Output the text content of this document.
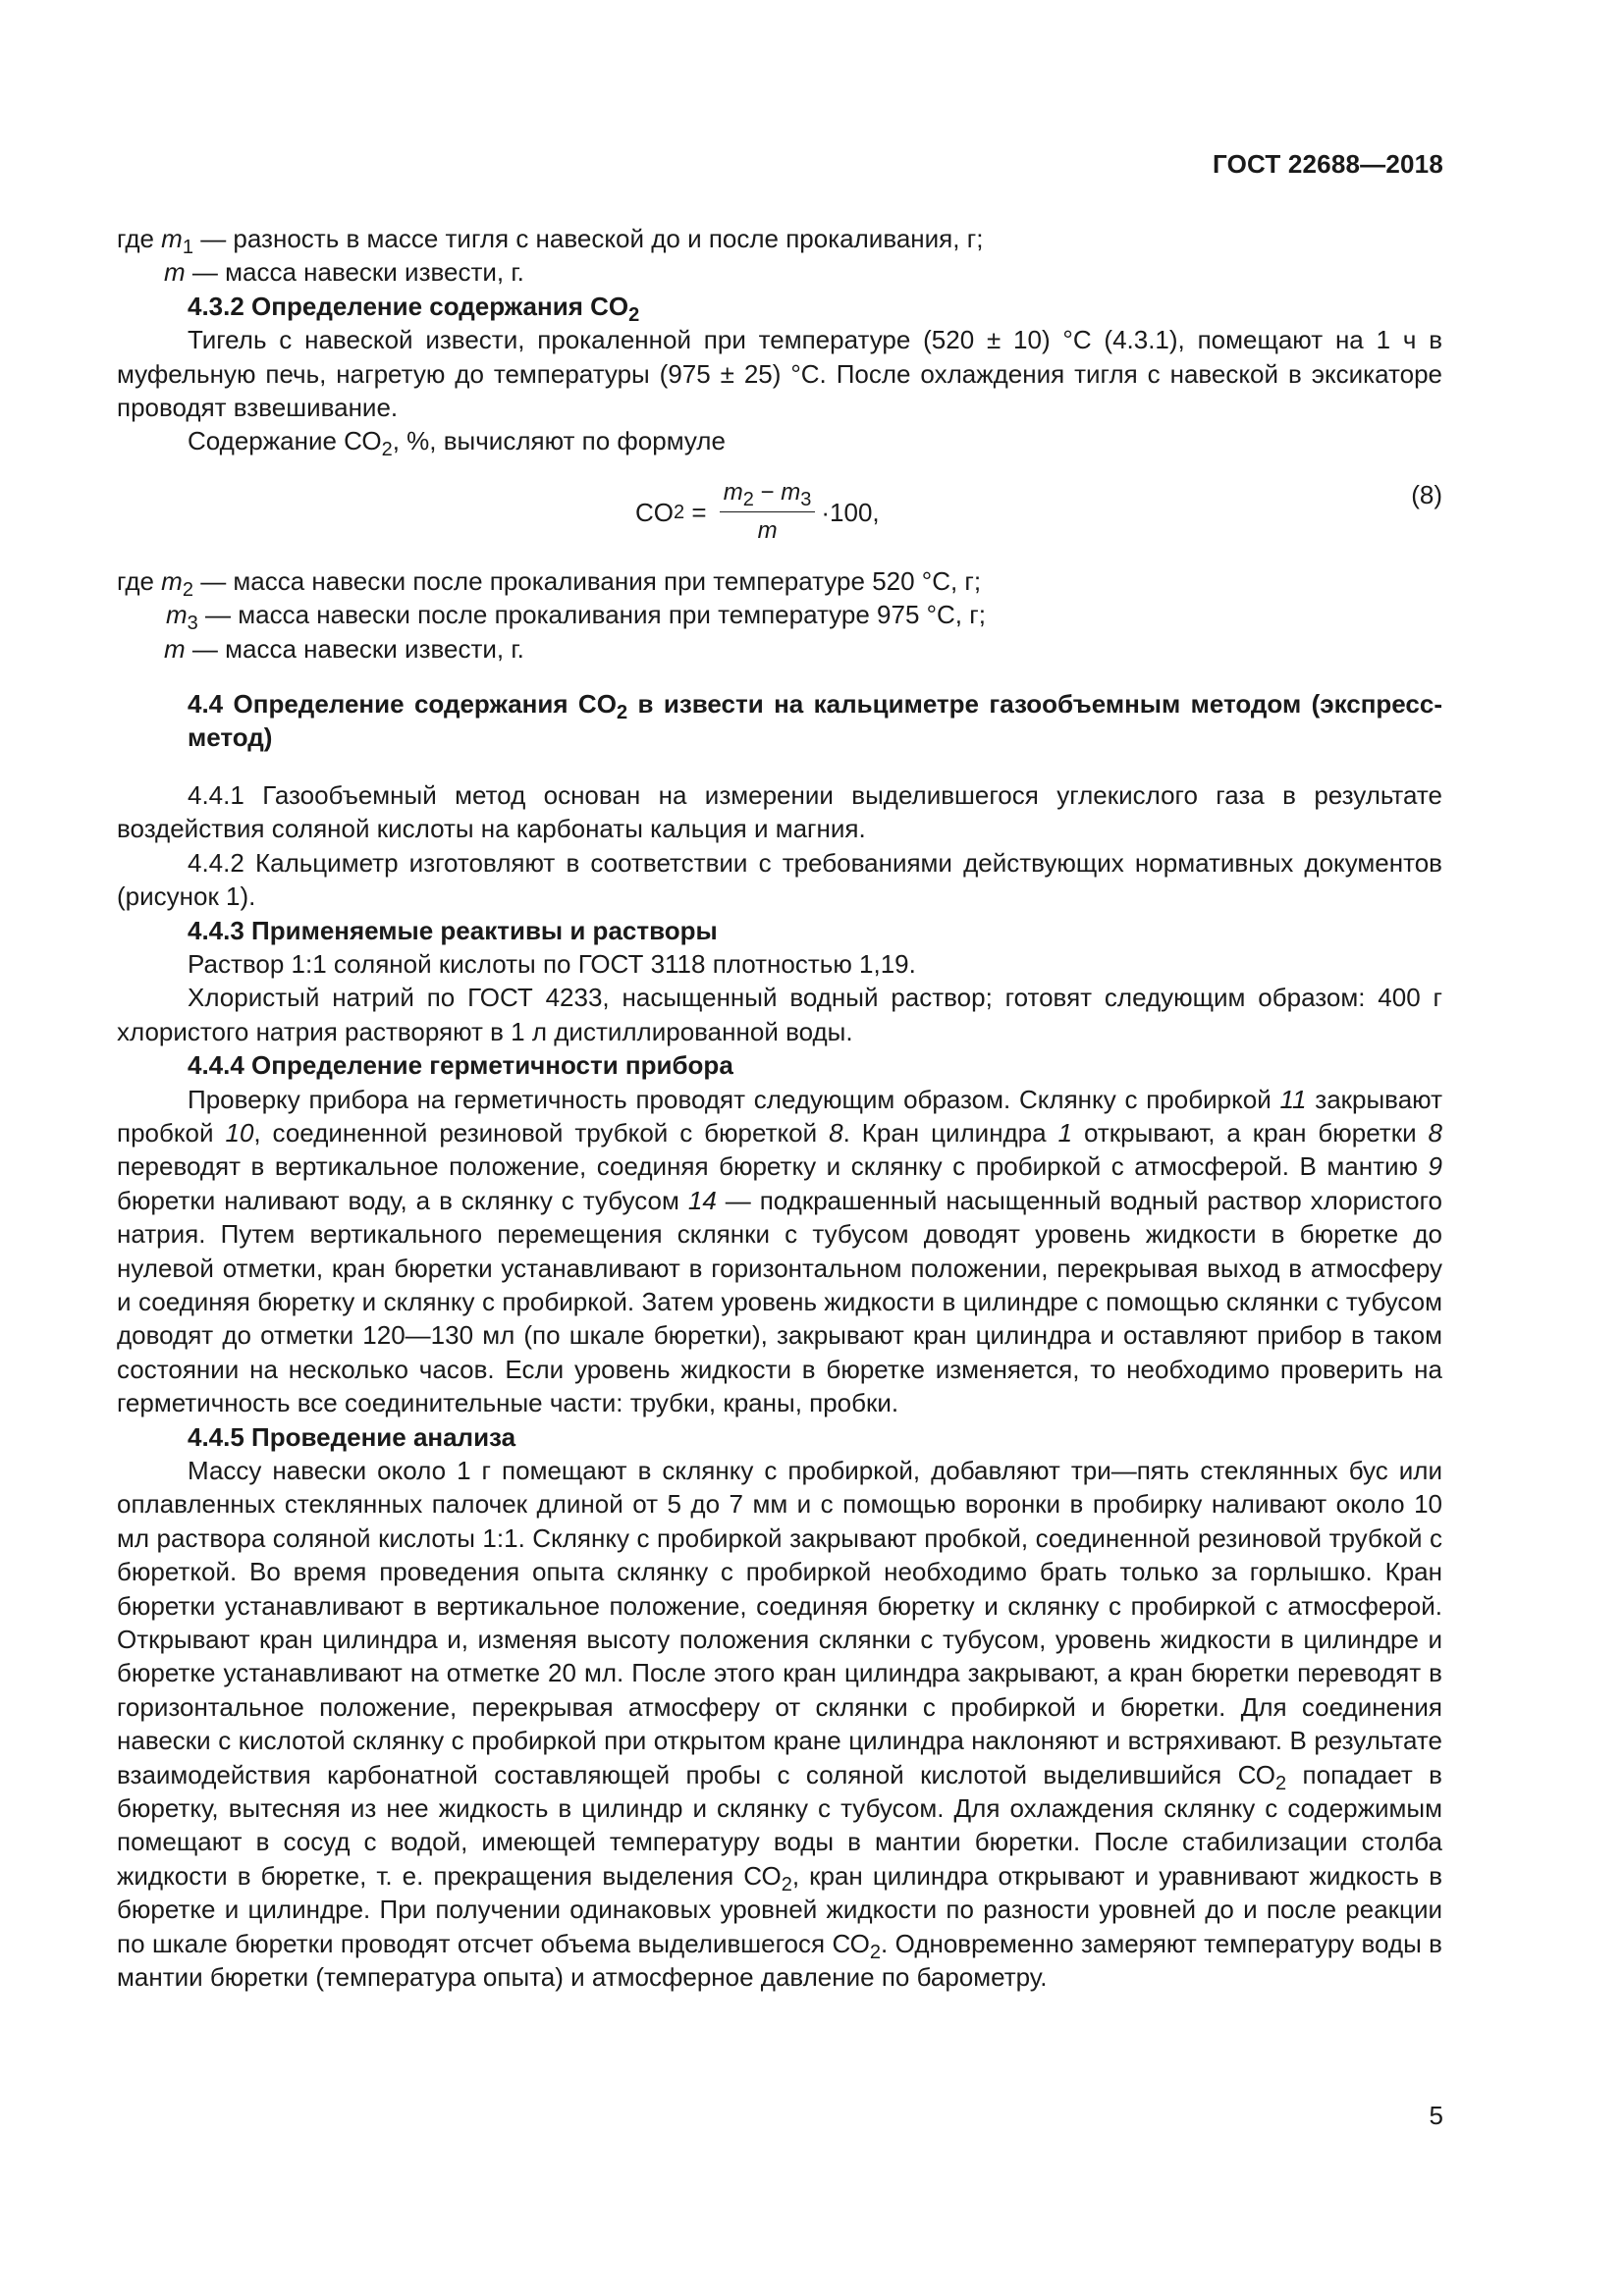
ГОСТ 22688—2018

где $m_1$ — разность в массе тигля с навеской до и после прокаливания, г;

m — масса навески извести, г.

4.3.2 Определение содержания $CO_2$

Тигель с навеской извести, прокаленной при температуре (520 ± 10) °С (4.3.1), помещают на 1 ч в муфельную печь, нагретую до температуры (975 ± 25) °С. После охлаждения тигля с навеской в эксикаторе проводят взвешивание.

Содержание $СО_2$, %, вычисляют по формуле

CO $2 = \frac{m_2 - m_3}{m} \cdot 100$,
(8)

где $m_2$ — масса навески после прокаливания при температуре 520 °С, г;

$m_3$ — масса навески после прокаливания при температуре 975 °С, г;

m — масса навески извести, г.

4.4 Определение содержания $CO_2$ в извести на кальциметре газообъемным методом (экспресс-метод)

4.4.1 Газообъемный метод основан на измерении выделившегося углекислого газа в результате воздействия соляной кислоты на карбонаты кальция и магния.

4.4.2 Кальциметр изготовляют в соответствии с требованиями действующих нормативных документов (рисунок 1).

4.4.3 Применяемые реактивы и растворы

Раствор 1:1 соляной кислоты по ГОСТ 3118 плотностью 1,19.

Хлористый натрий по ГОСТ 4233, насыщенный водный раствор; готовят следующим образом: 400 г хлористого натрия растворяют в 1 л дистиллированной воды.

4.4.4 Определение герметичности прибора

Проверку прибора на герметичность проводят следующим образом. Склянку с пробиркой 11 закрывают пробкой 10, соединенной резиновой трубкой с бюреткой 8. Кран цилиндра 1 открывают, а кран бюретки 8 переводят в вертикальное положение, соединяя бюретку и склянку с пробиркой с атмосферой. В мантию 9 бюретки наливают воду, а в склянку с тубусом 14 — подкрашенный насыщенный водный раствор хлористого натрия. Путем вертикального перемещения склянки с тубусом доводят уровень жидкости в бюретке до нулевой отметки, кран бюретки устанавливают в горизонтальном положении, перекрывая выход в атмосферу и соединяя бюретку и склянку с пробиркой. Затем уровень жидкости в цилиндре с помощью склянки с тубусом доводят до отметки 120—130 мл (по шкале бюретки), закрывают кран цилиндра и оставляют прибор в таком состоянии на несколько часов. Если уровень жидкости в бюретке изменяется, то необходимо проверить на герметичность все соединительные части: трубки, краны, пробки.

4.4.5 Проведение анализа

Массу навески около 1 г помещают в склянку с пробиркой, добавляют три—пять стеклянных бус или оплавленных стеклянных палочек длиной от 5 до 7 мм и с помощью воронки в пробирку наливают около 10 мл раствора соляной кислоты 1:1. Склянку с пробиркой закрывают пробкой, соединенной резиновой трубкой с бюреткой. Во время проведения опыта склянку с пробиркой необходимо брать только за горлышко. Кран бюретки устанавливают в вертикальное положение, соединяя бюретку и склянку с пробиркой с атмосферой. Открывают кран цилиндра и, изменяя высоту положения склянки с тубусом, уровень жидкости в цилиндре и бюретке устанавливают на отметке 20 мл. После этого кран цилиндра закрывают, а кран бюретки переводят в горизонтальное положение, перекрывая атмосферу от склянки с пробиркой и бюретки. Для соединения навески с кислотой склянку с пробиркой при открытом кране цилиндра наклоняют и встряхивают. В результате взаимодействия карбонатной составляющей пробы с соляной кислотой выделившийся $СО_2$ попадает в бюретку, вытесняя из нее жидкость в цилиндр и склянку с тубусом. Для охлаждения склянку с содержимым помещают в сосуд с водой, имеющей температуру воды в мантии бюретки. После стабилизации столба жидкости в бюретке, т. е. прекращения выделения $СО_2$, кран цилиндра открывают и уравнивают жидкость в бюретке и цилиндре. При получении одинаковых уровней жидкости по разности уровней до и после реакции по шкале бюретки проводят отсчет объема выделившегося $СО_2$. Одновременно замеряют температуру воды в мантии бюретки (температура опыта) и атмосферное давление по барометру.

5
